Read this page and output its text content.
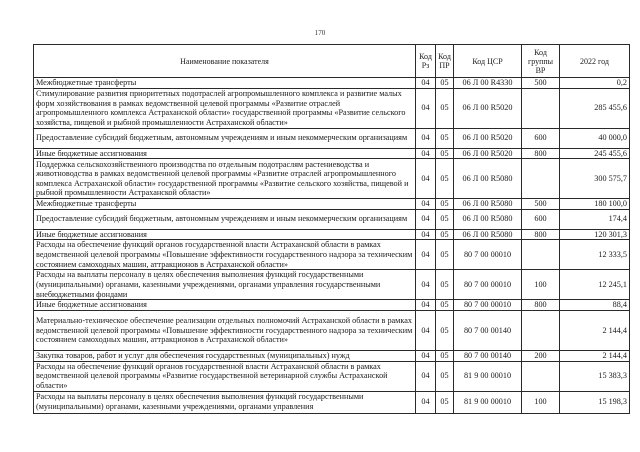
170
Наименование показателя	Код Рз	Код ПР	Код ЦСР	Код группы ВР	2022 год
Межбюджетные трансферты	04	05	06 Л 00 R4330	500	0,2
Стимулирование развития приоритетных подотраслей агропромышленного комплекса и развитие малых форм хозяйствования в рамках ведомственной целевой программы «Развитие отраслей агропромышленного комплекса Астраханской области» государственной программы «Развитие сельского хозяйства, пищевой и рыбной промышленности Астраханской области»	04	05	06 Л 00 R5020		285 455,6
Предоставление субсидий бюджетным, автономным учреждениям и иным некоммерческим организациям	04	05	06 Л 00 R5020	600	40 000,0
Иные бюджетные ассигнования	04	05	06 Л 00 R5020	800	245 455,6
Поддержка сельскохозяйственного производства по отдельным подотраслям растениеводства и животноводства в рамках ведомственной целевой программы «Развитие отраслей агропромышленного комплекса Астраханской области» государственной программы «Развитие сельского хозяйства, пищевой и рыбной промышленности Астраханской области»	04	05	06 Л 00 R5080		300 575,7
Межбюджетные трансферты	04	05	06 Л 00 R5080	500	180 100,0
Предоставление субсидий бюджетным, автономным учреждениям и иным некоммерческим организациям	04	05	06 Л 00 R5080	600	174,4
Иные бюджетные ассигнования	04	05	06 Л 00 R5080	800	120 301,3
Расходы на обеспечение функций органов государственной власти Астраханской области в рамках ведомственной целевой программы «Повышение эффективности государственного надзора за техническим состоянием самоходных машин, аттракционов в Астраханской области»	04	05	80 7 00 00010		12 333,5
Расходы на выплаты персоналу в целях обеспечения выполнения функций государственными (муниципальными) органами, казенными учреждениями, органами управления государственными внебюджетными фондами	04	05	80 7 00 00010	100	12 245,1
Иные бюджетные ассигнования	04	05	80 7 00 00010	800	88,4
Материально-техническое обеспечение реализации отдельных полномочий Астраханской области в рамках ведомственной целевой программы «Повышение эффективности государственного надзора за техническим состоянием самоходных машин, аттракционов в Астраханской области»	04	05	80 7 00 00140		2 144,4
Закупка товаров, работ и услуг для обеспечения государственных (муниципальных) нужд	04	05	80 7 00 00140	200	2 144,4
Расходы на обеспечение функций органов государственной власти Астраханской области в рамках ведомственной целевой программы «Развитие государственной ветеринарной службы Астраханской области»	04	05	81 9 00 00010		15 383,3
Расходы на выплаты персоналу в целях обеспечения выполнения функций государственными (муниципальными) органами, казенными учреждениями, органами управления	04	05	81 9 00 00010	100	15 198,3
